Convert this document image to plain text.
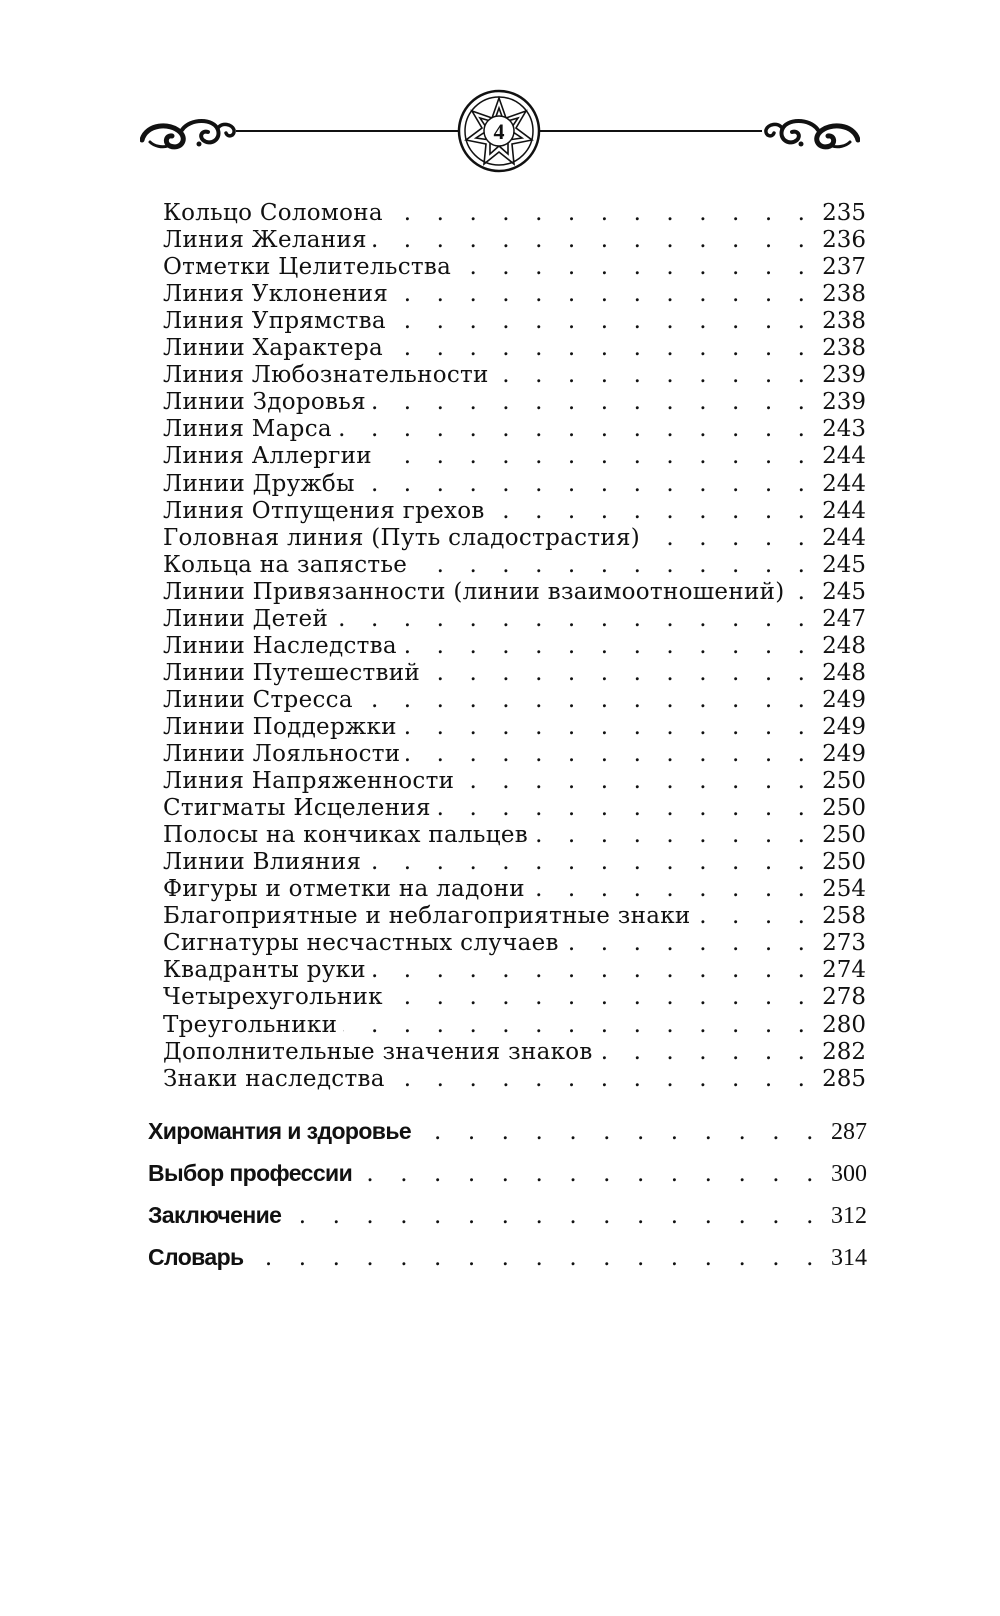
4
Кольцо Соломона . . .	235
Линия Желания . . .	236
Отметки Целительства . . .	237
Линия Уклонения . . .	238
Линия Упрямства . . .	238
Линии Характера . . .	238
Линия Любознательности . . .	239
Линии Здоровья . . .	239
Линия Марса . . .	243
Линия Аллергии . . .	244
Линии Дружбы . . .	244
Линия Отпущения грехов . . .	244
Головная линия (Путь сладострастия) . . .	244
Кольца на запястье . . .	245
Линии Привязанности (линии взаимоотношений) . . . 245
Линии Детей . . .	247
Линии Наследства . . .	248
Линии Путешествий . . .	248
Линии Стресса . . .	249
Линии Поддержки . . .	249
Линии Лояльности . . .	249
Линия Напряженности . . .	250
Стигматы Исцеления . . .	250
Полосы на кончиках пальцев . . .	250
Линии Влияния . . .	250
Фигуры и отметки на ладони . . .	254
Благоприятные и неблагоприятные знаки . . .	258
Сигнатуры несчастных случаев . . .	273
Квадранты руки . . .	274
Четырехугольник . . .	278
Треугольники . . .	280
Дополнительные значения знаков . . .	282
Знаки наследства . . .	285
Хиромантия и здоровье . . .	287
Выбор профессии . . .	300
Заключение . . .	312
Словарь . . .	314
